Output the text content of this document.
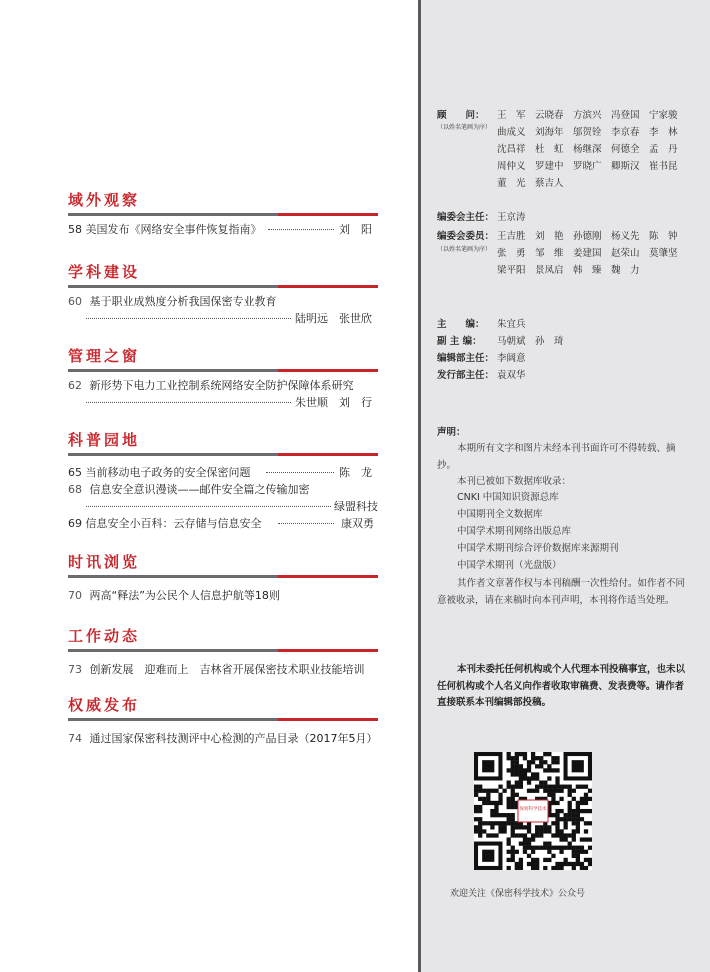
域外观察
58 美国发布《网络安全事件恢复指南》	刘　阳
学科建设
60 基于职业成熟度分析我国保密专业教育
陆明远　张世欣
管理之窗
62 新形势下电力工业控制系统网络安全防护保障体系研究
朱世顺　刘　行
科普园地
65 当前移动电子政务的安全保密问题	陈　龙
68 信息安全意识漫谈——邮件安全篇之传输加密
绿盟科技
69 信息安全小百科：云存储与信息安全	康双勇
时讯浏览
70 两高“释法”为公民个人信息护航等18则
工作动态
73 创新发展　迎难而上　吉林省开展保密技术职业技能培训
权威发布
74 通过国家保密科技测评中心检测的产品目录（2017年5月）
顾　　问：
（以姓名笔画为序）
王　军 云晓春 方滨兴 冯登国 宁家骏
曲成义 刘海年 邬贺铨 李京春 李　林
沈昌祥 杜　虹 杨继深 何德全 孟　丹
周仲义 罗建中 罗晓广 卿斯汉 崔书昆
董　光 蔡吉人
编委会主任： 王京涛
编委会委员：
（以姓名笔画为序）
王吉胜 刘　艳 孙德刚 杨义先 陈　钟
张　勇 邹　维 姜建国 赵荣山 莫肇坚
梁平阳 景凤启 韩　臻 魏　力
主　　编： 朱宜兵
副 主 编： 马朝斌　孙　琦
编辑部主任： 李阔意
发行部主任： 袁双华
声明：
本期所有文字和图片未经本刊书面许可不得转载、摘抄。
本刊已被如下数据库收录：
CNKI 中国知识资源总库
中国期刊全文数据库
中国学术期刊网络出版总库
中国学术期刊综合评价数据库来源期刊
中国学术期刊（光盘版）
其作者文章著作权与本刊稿酬一次性给付。如作者不同意被收录，请在来稿时向本刊声明，本刊将作适当处理。
本刊未委托任何机构或个人代理本刊投稿事宜，也未以任何机构或个人名义向作者收取审稿费、发表费等。请作者直接联系本刊编辑部投稿。
保密科学技术
欢迎关注《保密科学技术》公众号
